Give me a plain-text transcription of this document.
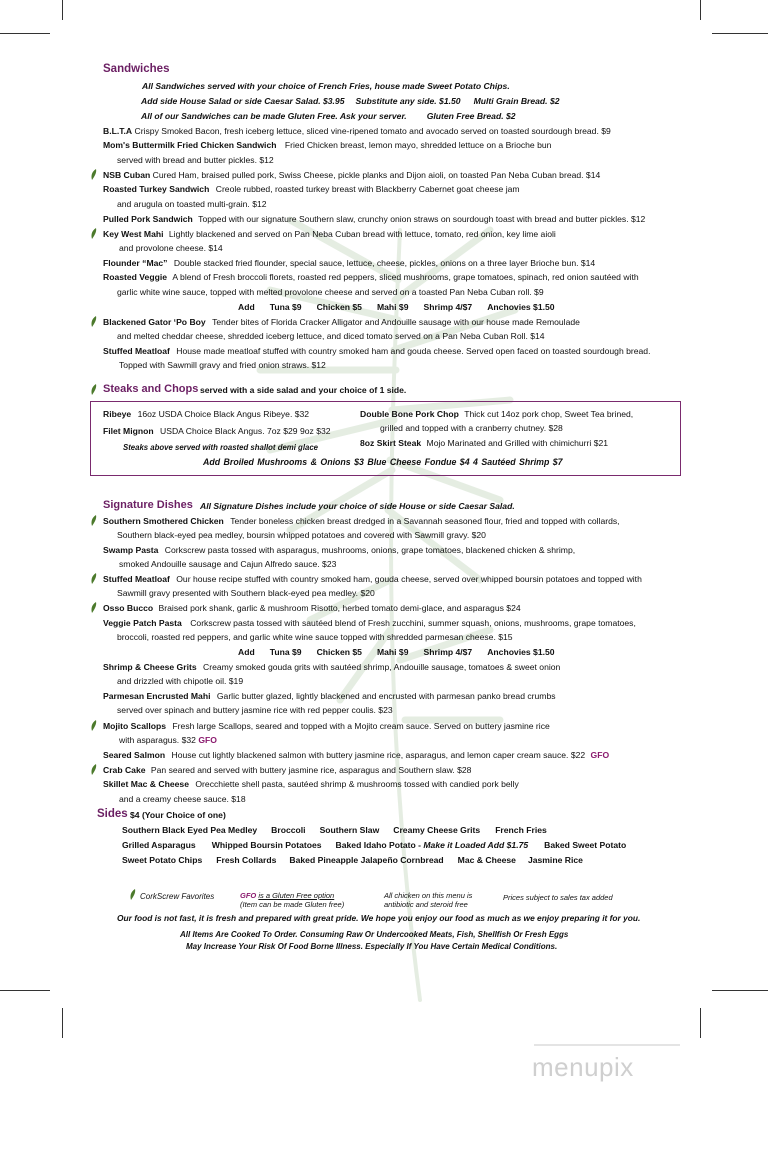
Sandwiches
All Sandwiches served with your choice of French Fries, house made Sweet Potato Chips.
Add side House Salad or side Caesar Salad. $3.95 Substitute any side. $1.50 Multi Grain Bread. $2
All of our Sandwiches can be made Gluten Free. Ask your server. Gluten Free Bread. $2
B.L.T.A Crispy Smoked Bacon, fresh iceberg lettuce, sliced vine-ripened tomato and avocado served on toasted sourdough bread. $9
Mom's Buttermilk Fried Chicken Sandwich Fried Chicken breast, lemon mayo, shredded lettuce on a Brioche bun
served with bread and butter pickles. $12
NSB Cuban Cured Ham, braised pulled pork, Swiss Cheese, pickle planks and Dijon aioli, on toasted Pan Neba Cuban bread. $14
Roasted Turkey Sandwich Creole rubbed, roasted turkey breast with Blackberry Cabernet goat cheese jam
and arugula on toasted multi-grain. $12
Pulled Pork Sandwich Topped with our signature Southern slaw, crunchy onion straws on sourdough toast with bread and butter pickles. $12
Key West Mahi Lightly blackened and served on Pan Neba Cuban bread with lettuce, tomato, red onion, key lime aioli
and provolone cheese. $14
Flounder “Mac” Double stacked fried flounder, special sauce, lettuce, cheese, pickles, onions on a three layer Brioche bun. $14
Roasted Veggie A blend of Fresh broccoli florets, roasted red peppers, sliced mushrooms, grape tomatoes, spinach, red onion sautéed with
garlic white wine sauce, topped with melted provolone cheese and served on a toasted Pan Neba Cuban roll. $9
Add Tuna $9 Chicken $5 Mahi $9 Shrimp 4/$7 Anchovies $1.50
Blackened Gator ‘Po Boy Tender bites of Florida Cracker Alligator and Andouille sausage with our house made Remoulade
and melted cheddar cheese, shredded iceberg lettuce, and diced tomato served on a Pan Neba Cuban Roll. $14
Stuffed Meatloaf House made meatloaf stuffed with country smoked ham and gouda cheese. Served open faced on toasted sourdough bread.
Topped with Sawmill gravy and fried onion straws. $12
Steaks and Chops served with a side salad and your choice of 1 side.
Ribeye 16oz USDA Choice Black Angus Ribeye. $32
Filet Mignon USDA Choice Black Angus. 7oz $29 9oz $32
Steaks above served with roasted shallot demi glace
Double Bone Pork Chop Thick cut 14oz pork chop, Sweet Tea brined,
grilled and topped with a cranberry chutney. $28
8oz Skirt Steak Mojo Marinated and Grilled with chimichurri $21
Add Broiled Mushrooms & Onions $3 Blue Cheese Fondue $4 4 Sautéed Shrimp $7
Signature Dishes All Signature Dishes include your choice of side House or side Caesar Salad.
Southern Smothered Chicken Tender boneless chicken breast dredged in a Savannah seasoned flour, fried and topped with collards,
Southern black-eyed pea medley, boursin whipped potatoes and covered with Sawmill gravy. $20
Swamp Pasta Corkscrew pasta tossed with asparagus, mushrooms, onions, grape tomatoes, blackened chicken & shrimp,
smoked Andouille sausage and Cajun Alfredo sauce. $23
Stuffed Meatloaf Our house recipe stuffed with country smoked ham, gouda cheese, served over whipped boursin potatoes and topped with
Sawmill gravy presented with Southern black-eyed pea medley. $20
Osso Bucco Braised pork shank, garlic & mushroom Risotto, herbed tomato demi-glace, and asparagus $24
Veggie Patch Pasta Corkscrew pasta tossed with sautéed blend of Fresh zucchini, summer squash, onions, mushrooms, grape tomatoes,
broccoli, roasted red peppers, and garlic white wine sauce topped with shredded parmesan cheese. $15
Add Tuna $9 Chicken $5 Mahi $9 Shrimp 4/$7 Anchovies $1.50
Shrimp & Cheese Grits Creamy smoked gouda grits with sautéed shrimp, Andouille sausage, tomatoes & sweet onion
and drizzled with chipotle oil. $19
Parmesan Encrusted Mahi Garlic butter glazed, lightly blackened and encrusted with parmesan panko bread crumbs
served over spinach and buttery jasmine rice with red pepper coulis. $23
Mojito Scallops Fresh large Scallops, seared and topped with a Mojito cream sauce. Served on buttery jasmine rice
with asparagus. $32 GFO
Seared Salmon House cut lightly blackened salmon with buttery jasmine rice, asparagus, and lemon caper cream sauce. $22 GFO
Crab Cake Pan seared and served with buttery jasmine rice, asparagus and Southern slaw. $28
Skillet Mac & Cheese Orecchiette shell pasta, sautéed shrimp & mushrooms tossed with candied pork belly
and a creamy cheese sauce. $18
Sides $4 (Your Choice of one)
Southern Black Eyed Pea Medley Broccoli Southern Slaw Creamy Cheese Grits French Fries
Grilled Asparagus Whipped Boursin Potatoes Baked Idaho Potato - Make it Loaded Add $1.75 Baked Sweet Potato
Sweet Potato Chips Fresh Collards Baked Pineapple Jalapeño Cornbread Mac & Cheese Jasmine Rice
CorkScrew Favorites	GFO is a Gluten Free option
(Item can be made Gluten free)
All chicken on this menu is
antibiotic and steroid free
Prices subject to sales tax added
Our food is not fast, it is fresh and prepared with great pride. We hope you enjoy our food as much as we enjoy preparing it for you.
All Items Are Cooked To Order. Consuming Raw Or Undercooked Meats, Fish, Shellfish Or Fresh Eggs
May Increase Your Risk Of Food Borne Illness. Especially If You Have Certain Medical Conditions.
menupix
